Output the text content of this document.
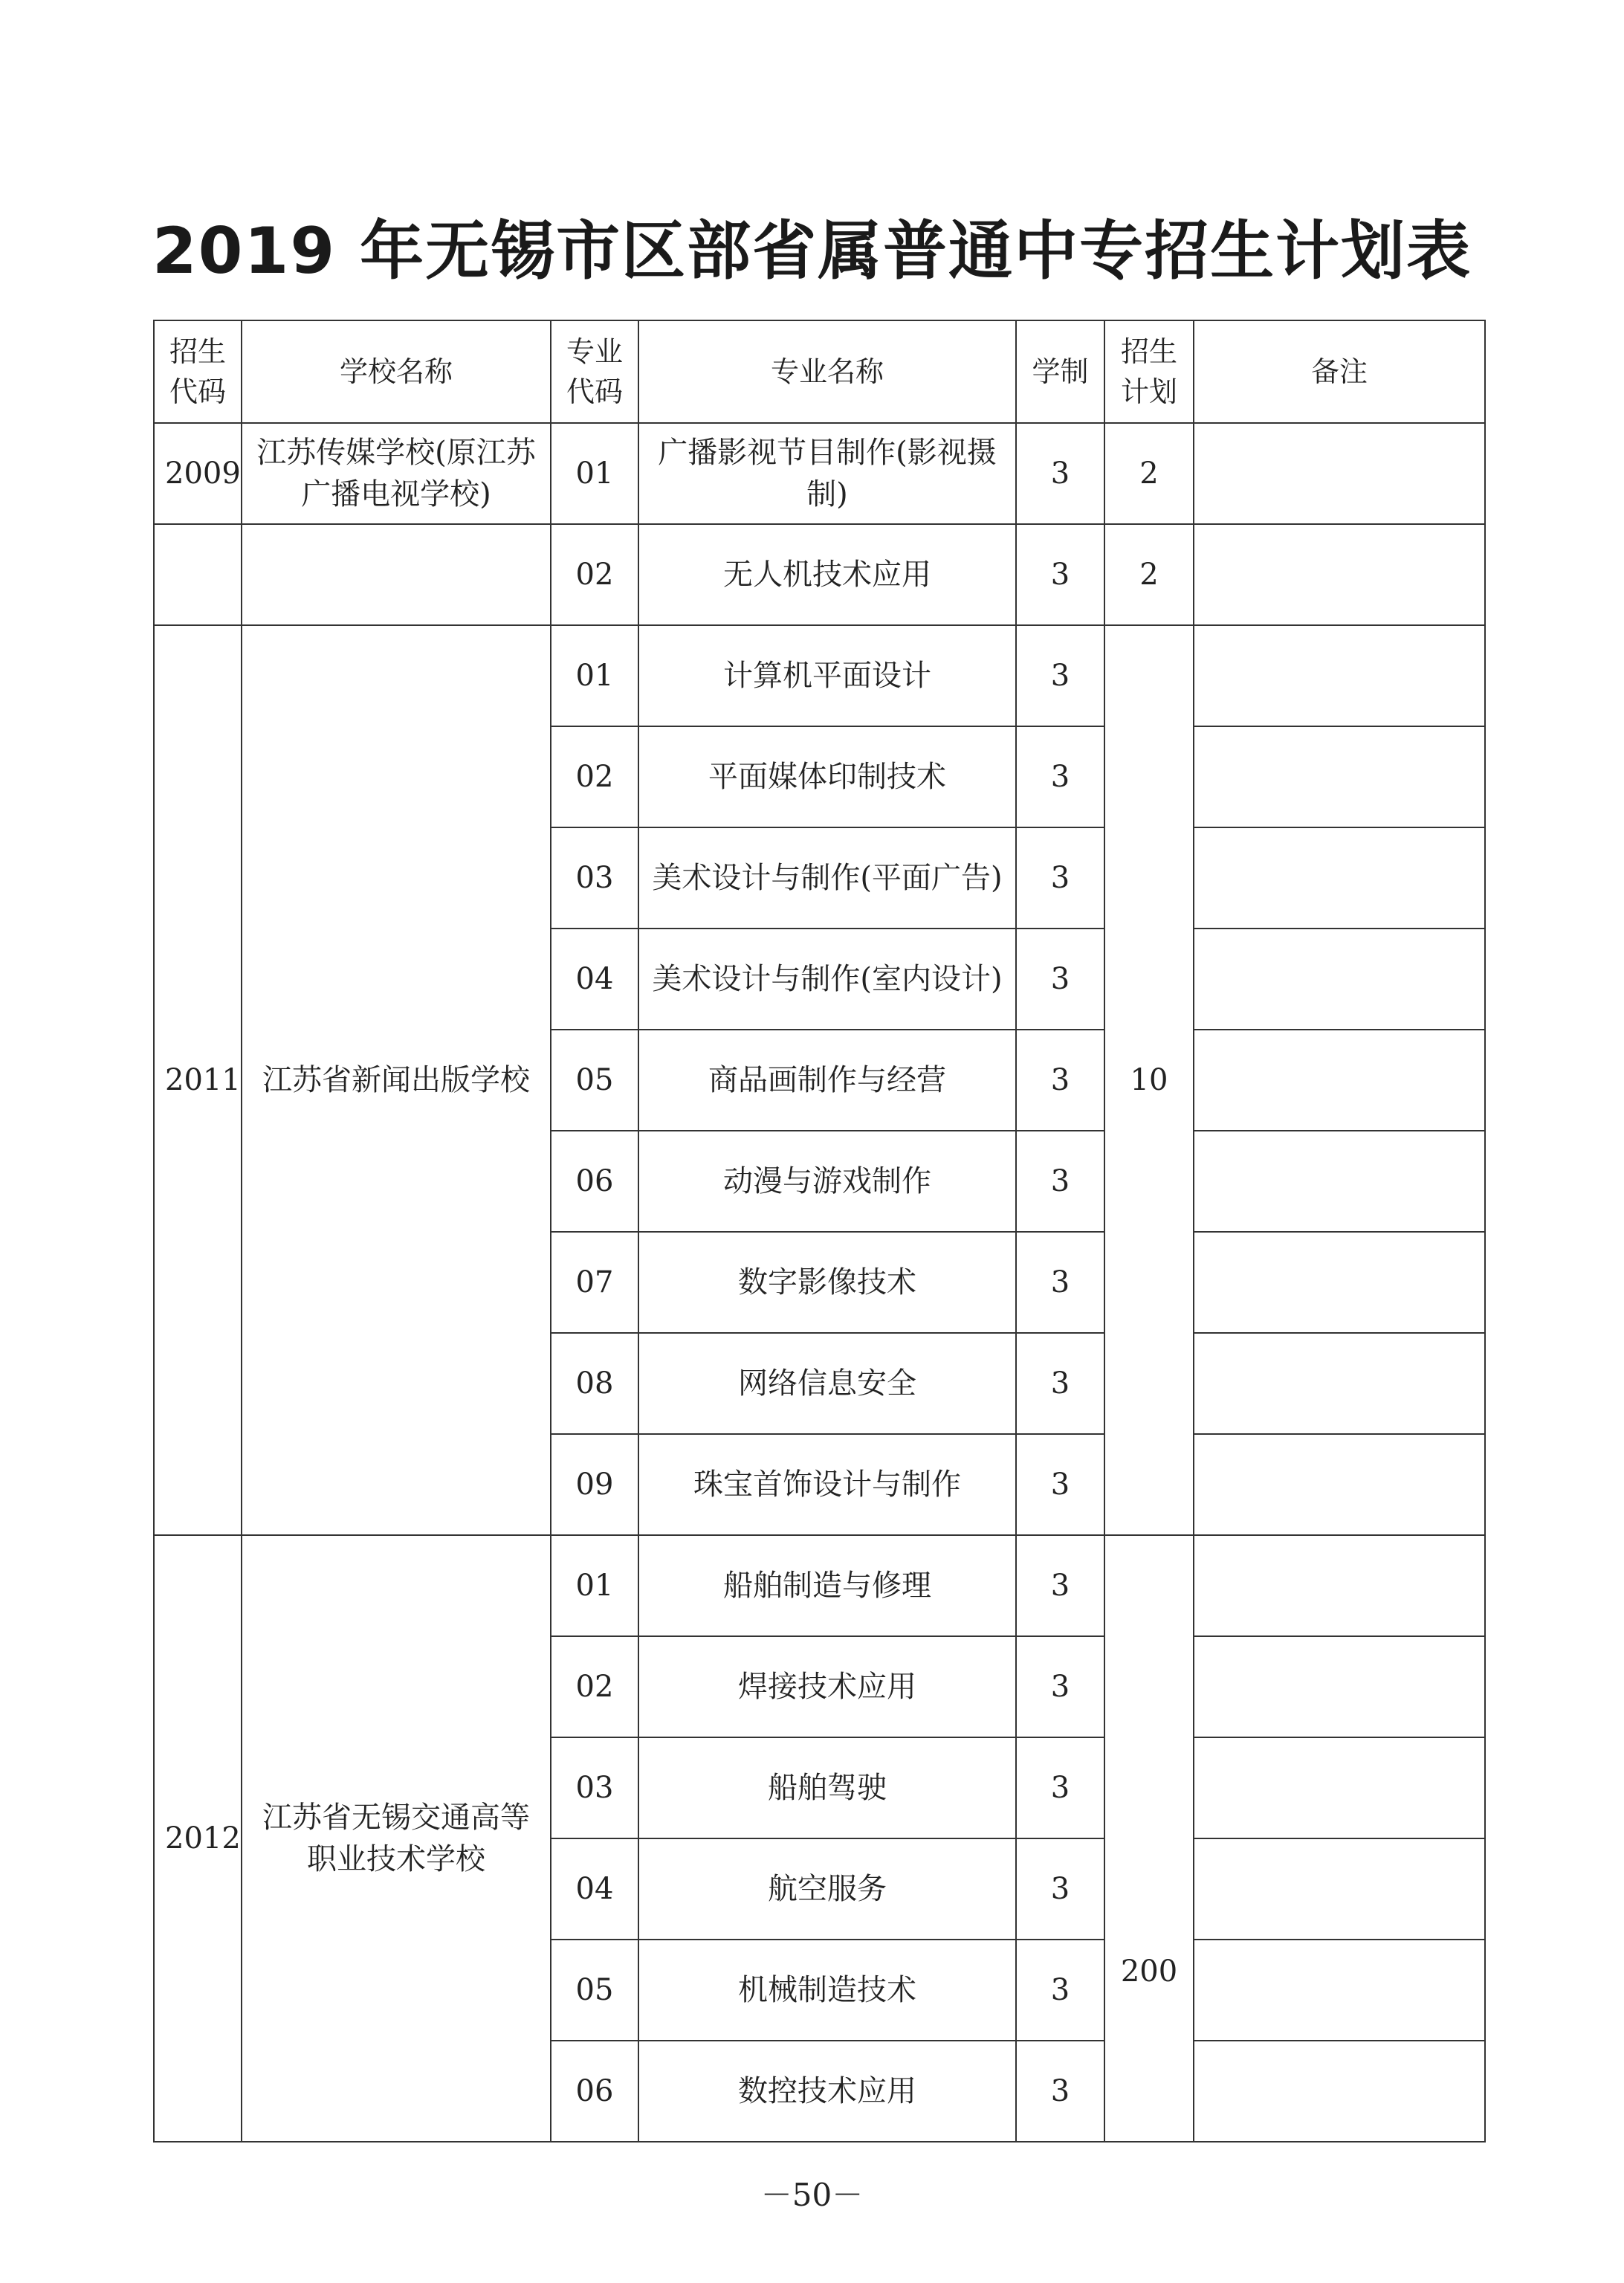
2019 年无锡市区部省属普通中专招生计划表
招生代码	学校名称	专业代码	专业名称	学制	招生计划	备注
2009	江苏传媒学校(原江苏广播电视学校)	01	广播影视节目制作(影视摄制)	3	2	
		02	无人机技术应用	3	2	
2011	江苏省新闻出版学校	01	计算机平面设计	3	10	
		02	平面媒体印制技术	3		
		03	美术设计与制作(平面广告)	3		
		04	美术设计与制作(室内设计)	3		
		05	商品画制作与经营	3		
		06	动漫与游戏制作	3		
		07	数字影像技术	3		
		08	网络信息安全	3		
		09	珠宝首饰设计与制作	3		
2012	江苏省无锡交通高等职业技术学校	01	船舶制造与修理	3	200	
		02	焊接技术应用	3		
		03	船舶驾驶	3		
		04	航空服务	3		
		05	机械制造技术	3		
		06	数控技术应用	3		
－50－
